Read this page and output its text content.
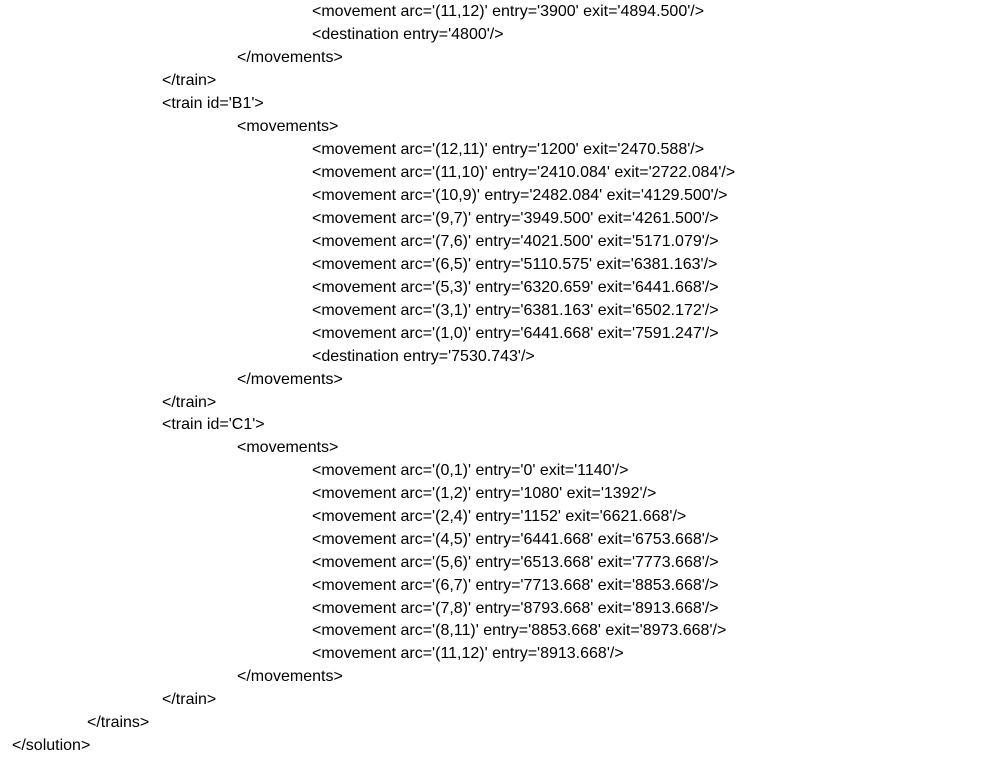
<movement arc='(11,12)' entry='3900' exit='4894.500'/>
<destination entry='4800'/>
</movements>
</train>
<train id='B1'>
<movements>
<movement arc='(12,11)' entry='1200' exit='2470.588'/>
<movement arc='(11,10)' entry='2410.084' exit='2722.084'/>
<movement arc='(10,9)' entry='2482.084' exit='4129.500'/>
<movement arc='(9,7)' entry='3949.500' exit='4261.500'/>
<movement arc='(7,6)' entry='4021.500' exit='5171.079'/>
<movement arc='(6,5)' entry='5110.575' exit='6381.163'/>
<movement arc='(5,3)' entry='6320.659' exit='6441.668'/>
<movement arc='(3,1)' entry='6381.163' exit='6502.172'/>
<movement arc='(1,0)' entry='6441.668' exit='7591.247'/>
<destination entry='7530.743'/>
</movements>
</train>
<train id='C1'>
<movements>
<movement arc='(0,1)' entry='0' exit='1140'/>
<movement arc='(1,2)' entry='1080' exit='1392'/>
<movement arc='(2,4)' entry='1152' exit='6621.668'/>
<movement arc='(4,5)' entry='6441.668' exit='6753.668'/>
<movement arc='(5,6)' entry='6513.668' exit='7773.668'/>
<movement arc='(6,7)' entry='7713.668' exit='8853.668'/>
<movement arc='(7,8)' entry='8793.668' exit='8913.668'/>
<movement arc='(8,11)' entry='8853.668' exit='8973.668'/>
<movement arc='(11,12)' entry='8913.668'/>
</movements>
</train>
</trains>
</solution>
